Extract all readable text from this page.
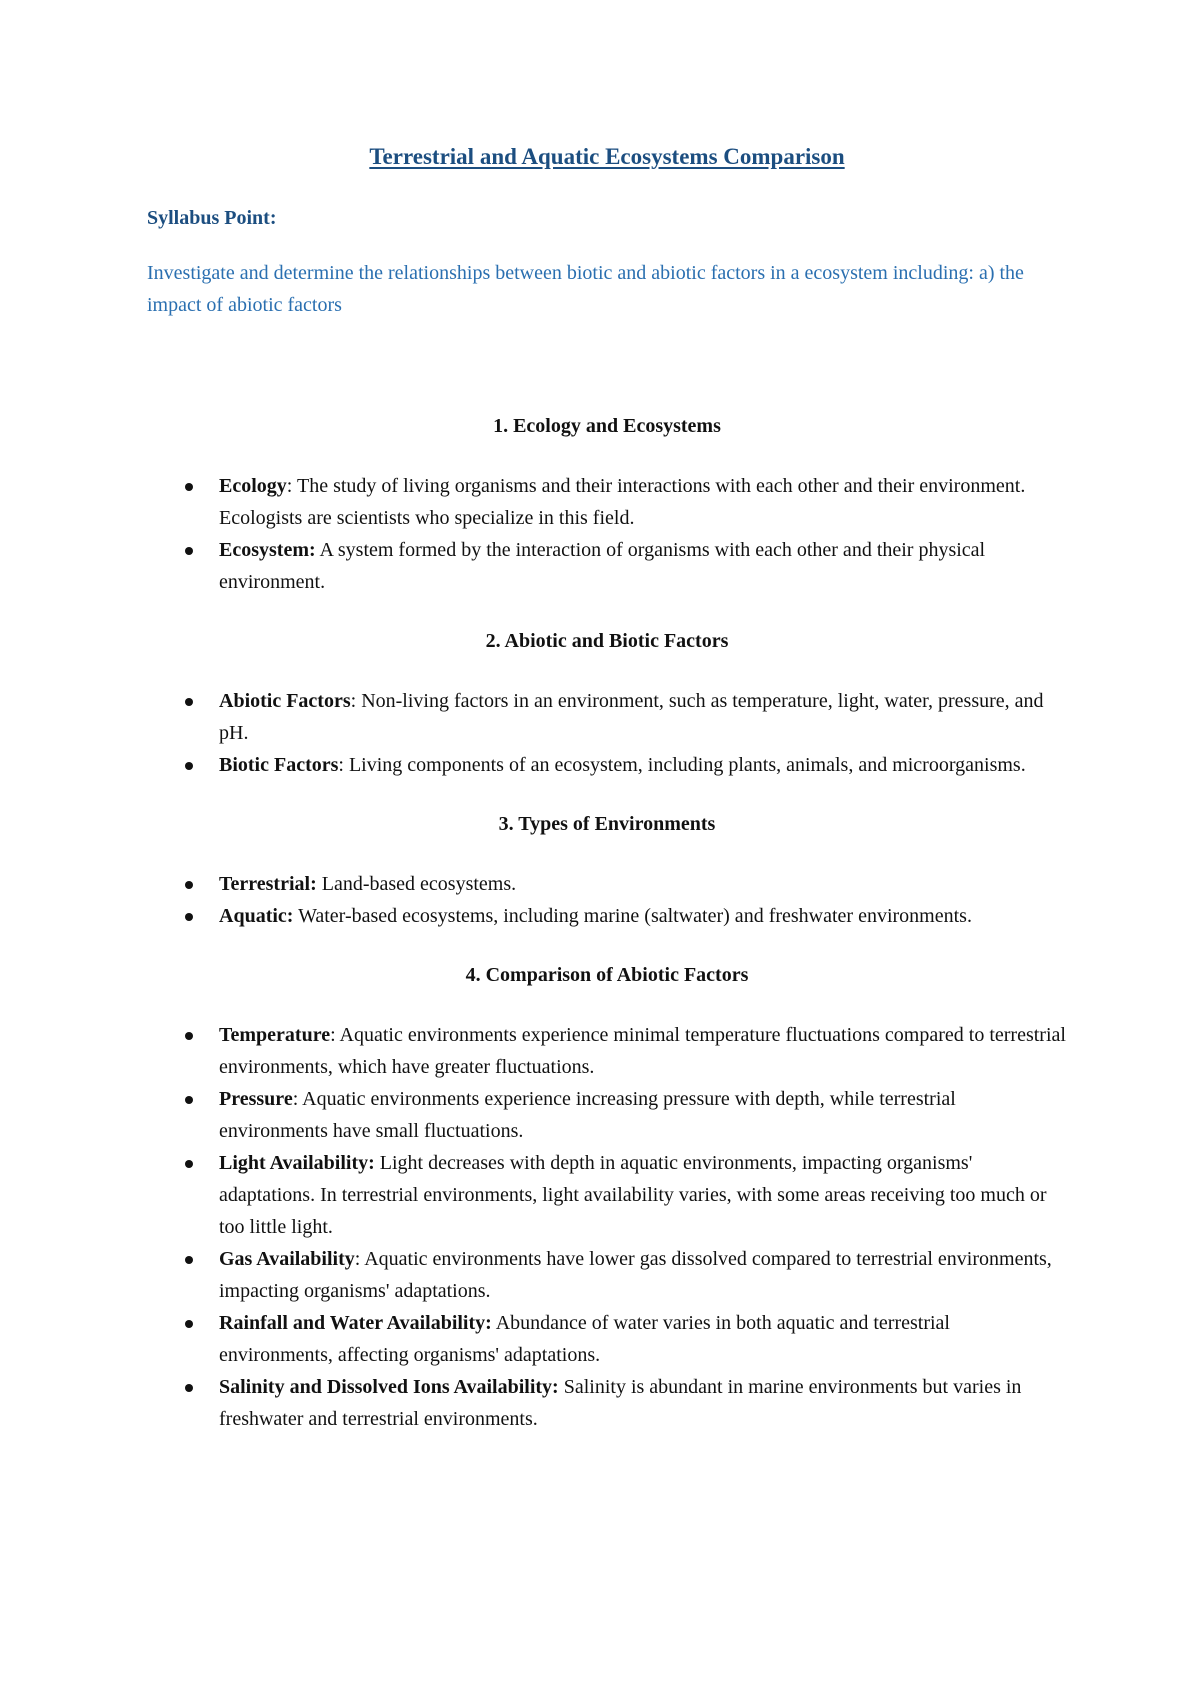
Terrestrial and Aquatic Ecosystems Comparison

Syllabus Point:

Investigate and determine the relationships between biotic and abiotic factors in a ecosystem including: a) the impact of abiotic factors

1. Ecology and Ecosystems
Ecology: The study of living organisms and their interactions with each other and their environment. Ecologists are scientists who specialize in this field.
Ecosystem: A system formed by the interaction of organisms with each other and their physical environment.
2. Abiotic and Biotic Factors
Abiotic Factors: Non-living factors in an environment, such as temperature, light, water, pressure, and pH.
Biotic Factors: Living components of an ecosystem, including plants, animals, and microorganisms.
3. Types of Environments
Terrestrial: Land-based ecosystems.
Aquatic: Water-based ecosystems, including marine (saltwater) and freshwater environments.
4. Comparison of Abiotic Factors
Temperature: Aquatic environments experience minimal temperature fluctuations compared to terrestrial environments, which have greater fluctuations.
Pressure: Aquatic environments experience increasing pressure with depth, while terrestrial environments have small fluctuations.
Light Availability: Light decreases with depth in aquatic environments, impacting organisms' adaptations. In terrestrial environments, light availability varies, with some areas receiving too much or too little light.
Gas Availability: Aquatic environments have lower gas dissolved compared to terrestrial environments, impacting organisms' adaptations.
Rainfall and Water Availability: Abundance of water varies in both aquatic and terrestrial environments, affecting organisms' adaptations.
Salinity and Dissolved Ions Availability: Salinity is abundant in marine environments but varies in freshwater and terrestrial environments.
